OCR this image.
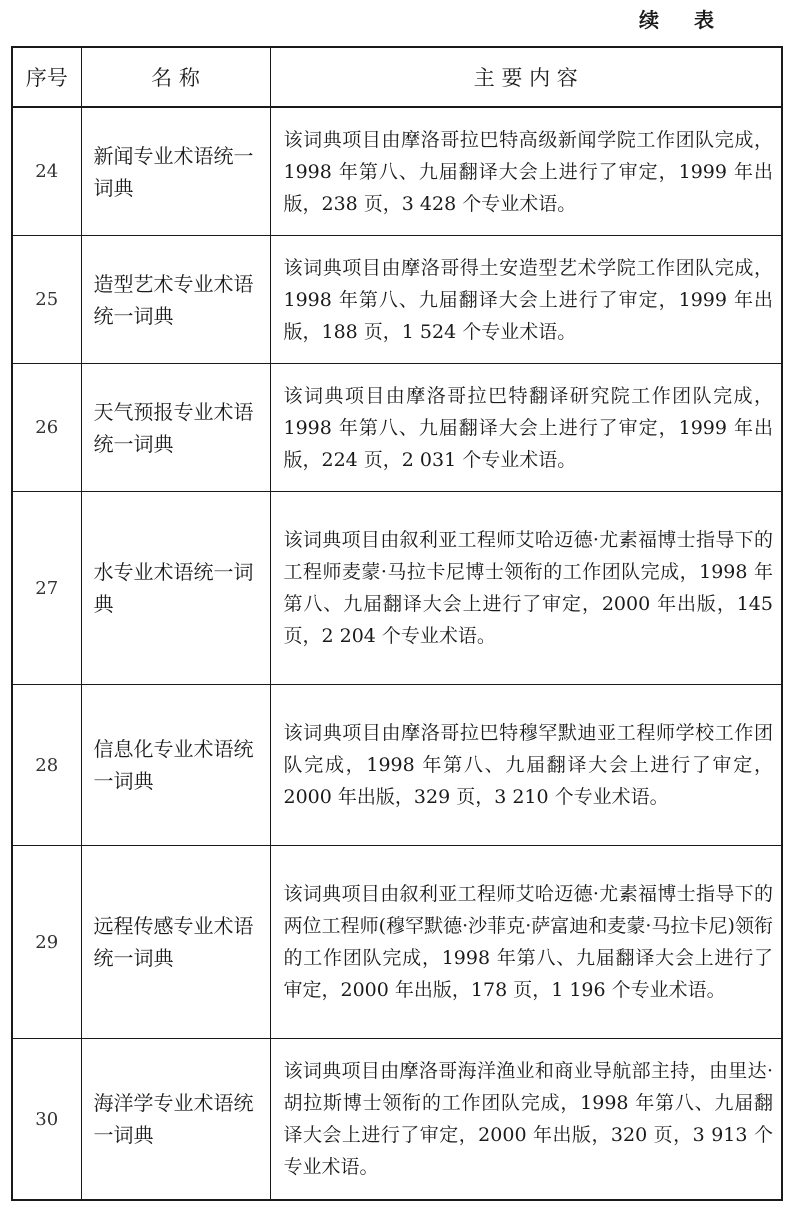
续 表
序号	名 称	主 要 内 容
24	新闻专业术语统一词典	该词典项目由摩洛哥拉巴特高级新闻学院工作团队完成，1998 年第八、九届翻译大会上进行了审定，1999 年出版，238 页，3 428 个专业术语。
25	造型艺术专业术语统一词典	该词典项目由摩洛哥得土安造型艺术学院工作团队完成，1998 年第八、九届翻译大会上进行了审定，1999 年出版，188 页，1 524 个专业术语。
26	天气预报专业术语统一词典	该词典项目由摩洛哥拉巴特翻译研究院工作团队完成，1998 年第八、九届翻译大会上进行了审定，1999 年出版，224 页，2 031 个专业术语。
27	水专业术语统一词典	该词典项目由叙利亚工程师艾哈迈德·尤素福博士指导下的工程师麦蒙·马拉卡尼博士领衔的工作团队完成，1998 年第八、九届翻译大会上进行了审定，2000 年出版，145 页，2 204 个专业术语。
28	信息化专业术语统一词典	该词典项目由摩洛哥拉巴特穆罕默迪亚工程师学校工作团队完成，1998 年第八、九届翻译大会上进行了审定，2000 年出版，329 页，3 210 个专业术语。
29	远程传感专业术语统一词典	该词典项目由叙利亚工程师艾哈迈德·尤素福博士指导下的两位工程师(穆罕默德·沙菲克·萨富迪和麦蒙·马拉卡尼)领衔的工作团队完成，1998 年第八、九届翻译大会上进行了审定，2000 年出版，178 页，1 196 个专业术语。
30	海洋学专业术语统一词典	该词典项目由摩洛哥海洋渔业和商业导航部主持，由里达·胡拉斯博士领衔的工作团队完成，1998 年第八、九届翻译大会上进行了审定，2000 年出版，320 页，3 913 个专业术语。
